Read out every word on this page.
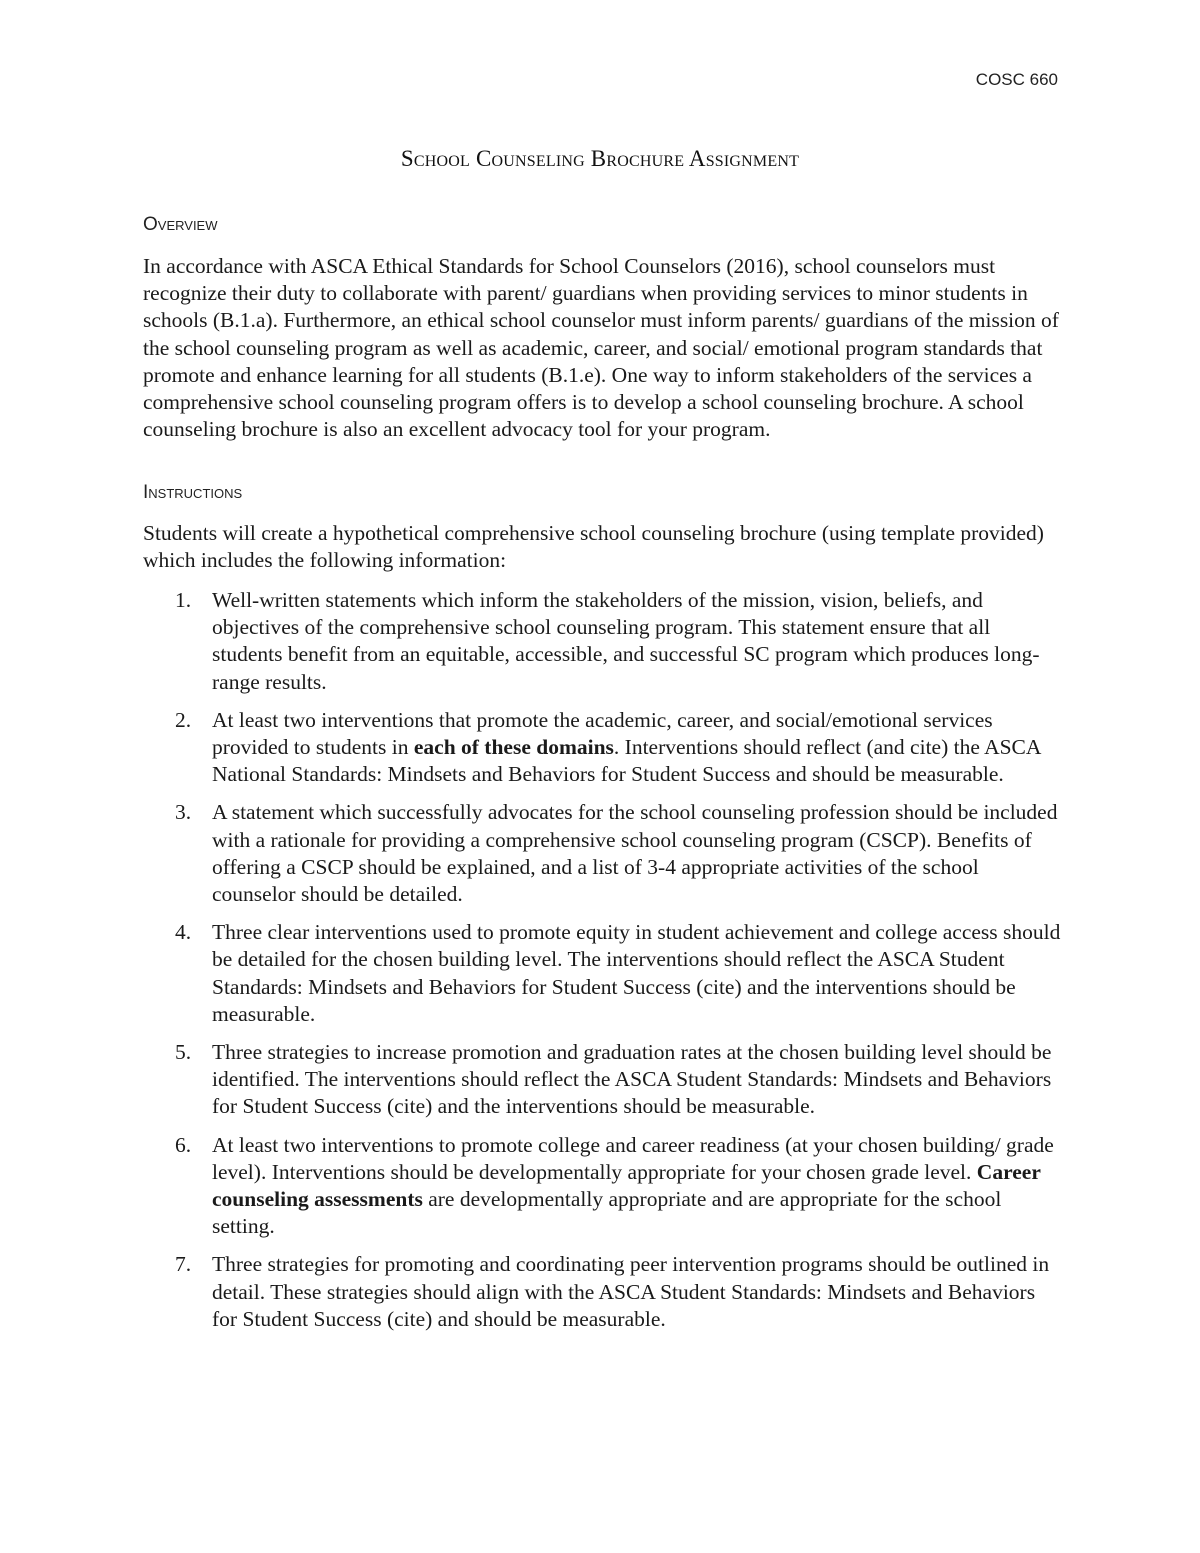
COSC 660
School Counseling Brochure Assignment
Overview

In accordance with ASCA Ethical Standards for School Counselors (2016), school counselors must recognize their duty to collaborate with parent/ guardians when providing services to minor students in schools (B.1.a). Furthermore, an ethical school counselor must inform parents/ guardians of the mission of the school counseling program as well as academic, career, and social/ emotional program standards that promote and enhance learning for all students (B.1.e). One way to inform stakeholders of the services a comprehensive school counseling program offers is to develop a school counseling brochure. A school counseling brochure is also an excellent advocacy tool for your program.

Instructions

Students will create a hypothetical comprehensive school counseling brochure (using template provided) which includes the following information:

1. Well-written statements which inform the stakeholders of the mission, vision, beliefs, and objectives of the comprehensive school counseling program. This statement ensure that all students benefit from an equitable, accessible, and successful SC program which produces long-range results.
2. At least two interventions that promote the academic, career, and social/emotional services provided to students in each of these domains. Interventions should reflect (and cite) the ASCA National Standards: Mindsets and Behaviors for Student Success and should be measurable.
3. A statement which successfully advocates for the school counseling profession should be included with a rationale for providing a comprehensive school counseling program (CSCP). Benefits of offering a CSCP should be explained, and a list of 3-4 appropriate activities of the school counselor should be detailed.
4. Three clear interventions used to promote equity in student achievement and college access should be detailed for the chosen building level. The interventions should reflect the ASCA Student Standards: Mindsets and Behaviors for Student Success (cite) and the interventions should be measurable.
5. Three strategies to increase promotion and graduation rates at the chosen building level should be identified. The interventions should reflect the ASCA Student Standards: Mindsets and Behaviors for Student Success (cite) and the interventions should be measurable.
6. At least two interventions to promote college and career readiness (at your chosen building/ grade level). Interventions should be developmentally appropriate for your chosen grade level. Career counseling assessments are developmentally appropriate and are appropriate for the school setting.
7. Three strategies for promoting and coordinating peer intervention programs should be outlined in detail. These strategies should align with the ASCA Student Standards: Mindsets and Behaviors for Student Success (cite) and should be measurable.
